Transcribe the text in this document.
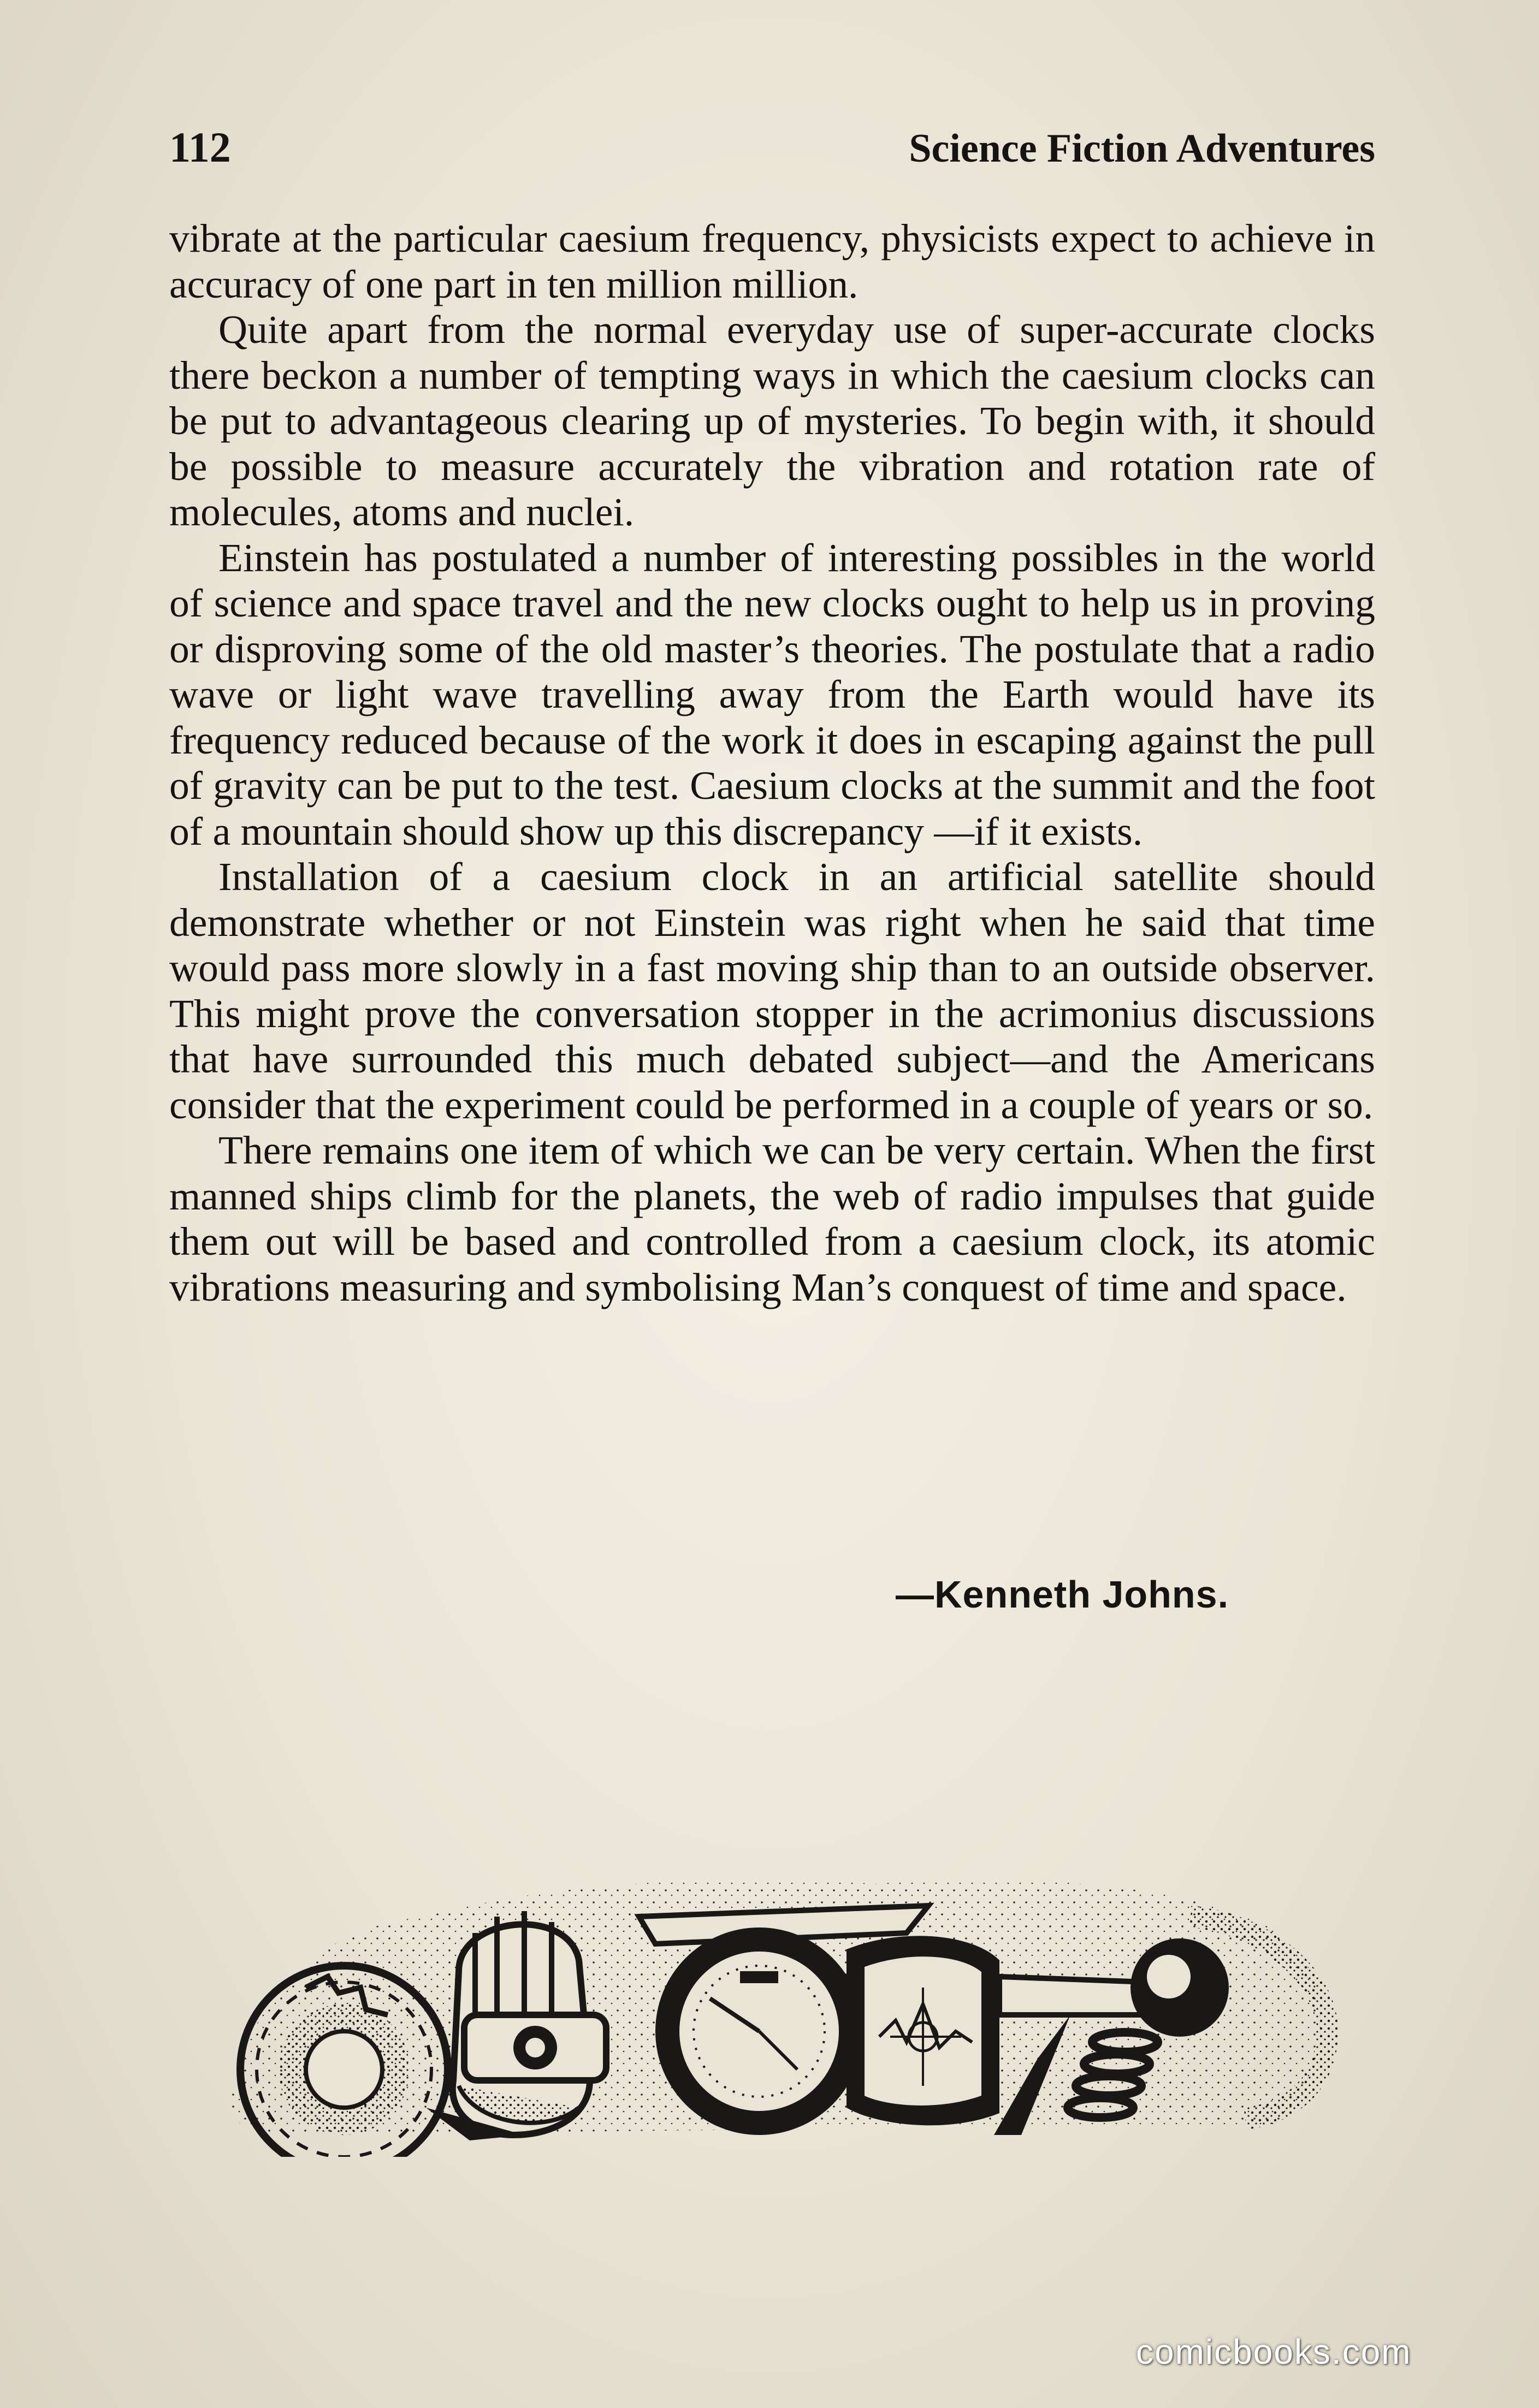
112	Science Fiction Adventures

vibrate at the particular caesium frequency, physicists expect to achieve in accuracy of one part in ten million million.

Quite apart from the normal everyday use of super-accurate clocks there beckon a number of tempting ways in which the caesium clocks can be put to advantageous clearing up of mysteries. To begin with, it should be possible to measure accurately the vibration and rotation rate of molecules, atoms and nuclei.

Einstein has postulated a number of interesting possibles in the world of science and space travel and the new clocks ought to help us in proving or disproving some of the old master’s theories. The postulate that a radio wave or light wave travelling away from the Earth would have its frequency reduced because of the work it does in escaping against the pull of gravity can be put to the test. Caesium clocks at the summit and the foot of a mountain should show up this discrepancy —if it exists.

Installation of a caesium clock in an artificial satellite should demonstrate whether or not Einstein was right when he said that time would pass more slowly in a fast moving ship than to an outside observer. This might prove the conversation stopper in the acrimonius discussions that have surrounded this much debated subject—and the Americans consider that the experiment could be performed in a couple of years or so.

There remains one item of which we can be very certain. When the first manned ships climb for the planets, the web of radio impulses that guide them out will be based and controlled from a caesium clock, its atomic vibrations measuring and symbolising Man’s conquest of time and space.

—Kenneth Johns.
comicbooks.com
